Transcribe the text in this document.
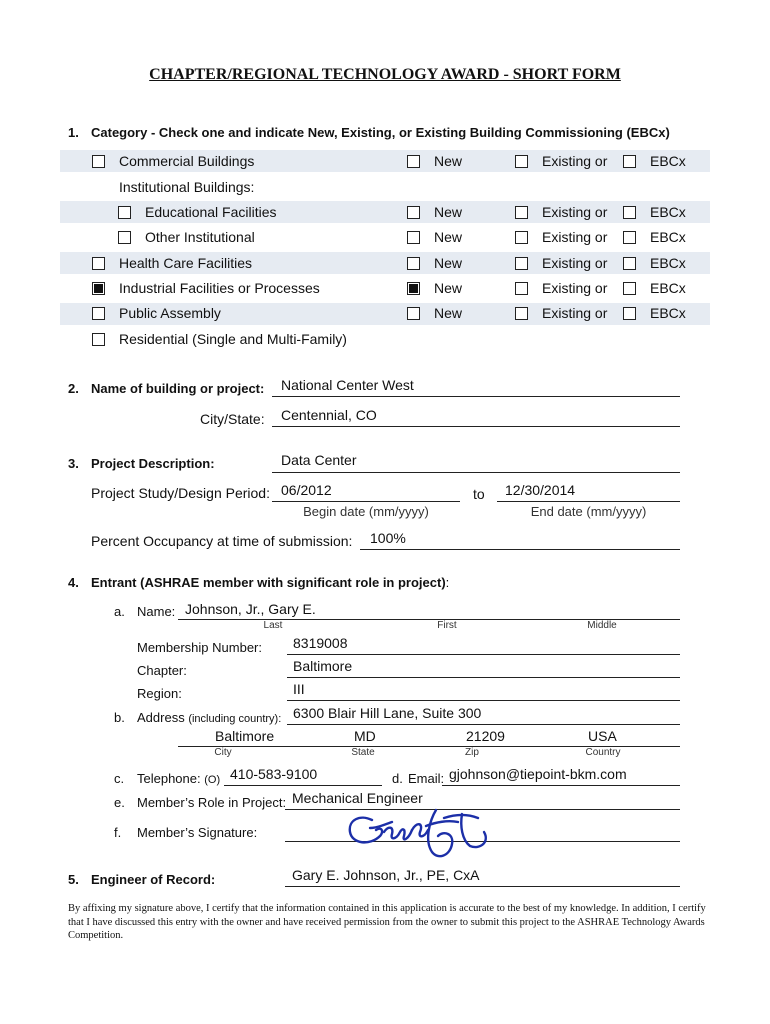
CHAPTER/REGIONAL TECHNOLOGY AWARD - SHORT FORM
1. Category - Check one and indicate New, Existing, or Existing Building Commissioning (EBCx)
Commercial Buildings	New	Existing or	EBCx
Institutional Buildings:
Educational Facilities	New	Existing or	EBCx
Other Institutional	New	Existing or	EBCx
Health Care Facilities	New	Existing or	EBCx
Industrial Facilities or Processes	New	Existing or	EBCx
Public Assembly	New	Existing or	EBCx
Residential (Single and Multi-Family)
2. Name of building or project: National Center West
City/State: Centennial, CO
3. Project Description:	Data Center
Project Study/Design Period: 06/2012	to 12/30/2014
Begin date (mm/yyyy)	End date (mm/yyyy)
Percent Occupancy at time of submission: 100%
4. Entrant (ASHRAE member with significant role in project):
a. Name: Johnson, Jr., Gary E.
Last	First	Middle
Membership Number: 8319008
Chapter:	Baltimore
Region:	III
b. Address (including country): 6300 Blair Hill Lane, Suite 300
Baltimore	MD	21209	USA
City	State	Zip	Country
c. Telephone: (O) 410-583-9100	d. Email: gjohnson@tiepoint-bkm.com
e. Member’s Role in Project: Mechanical Engineer
f. Member’s Signature:
5. Engineer of Record:	Gary E. Johnson, Jr., PE, CxA
By affixing my signature above, I certify that the information contained in this application is accurate to the best of my knowledge. In addition, I certify that I have discussed this entry with the owner and have received permission from the owner to submit this project to the ASHRAE Technology Awards Competition.
